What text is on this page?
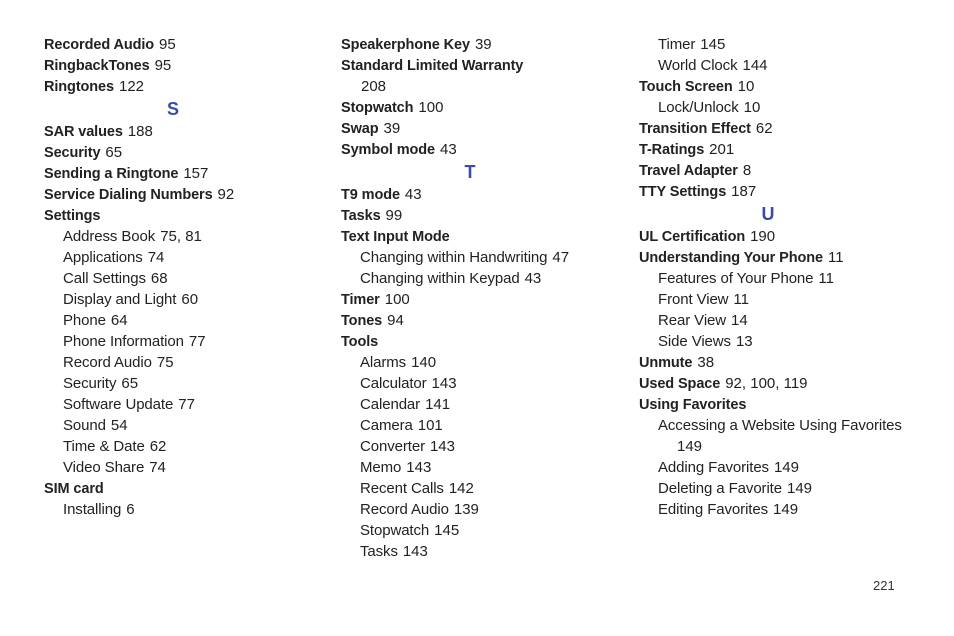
Recorded Audio 95
RingbackTones 95
Ringtones 122
S
SAR values 188
Security 65
Sending a Ringtone 157
Service Dialing Numbers 92
Settings
Address Book 75, 81
Applications 74
Call Settings 68
Display and Light 60
Phone 64
Phone Information 77
Record Audio 75
Security 65
Software Update 77
Sound 54
Time & Date 62
Video Share 74
SIM card
Installing 6
Speakerphone Key 39
Standard Limited Warranty
208
Stopwatch 100
Swap 39
Symbol mode 43
T
T9 mode 43
Tasks 99
Text Input Mode
Changing within Handwriting 47
Changing within Keypad 43
Timer 100
Tones 94
Tools
Alarms 140
Calculator 143
Calendar 141
Camera 101
Converter 143
Memo 143
Recent Calls 142
Record Audio 139
Stopwatch 145
Tasks 143
Timer 145
World Clock 144
Touch Screen 10
Lock/Unlock 10
Transition Effect 62
T-Ratings 201
Travel Adapter 8
TTY Settings 187
U
UL Certification 190
Understanding Your Phone 11
Features of Your Phone 11
Front View 11
Rear View 14
Side Views 13
Unmute 38
Used Space 92, 100, 119
Using Favorites
Accessing a Website Using Favorites
149
Adding Favorites 149
Deleting a Favorite 149
Editing Favorites 149
221
